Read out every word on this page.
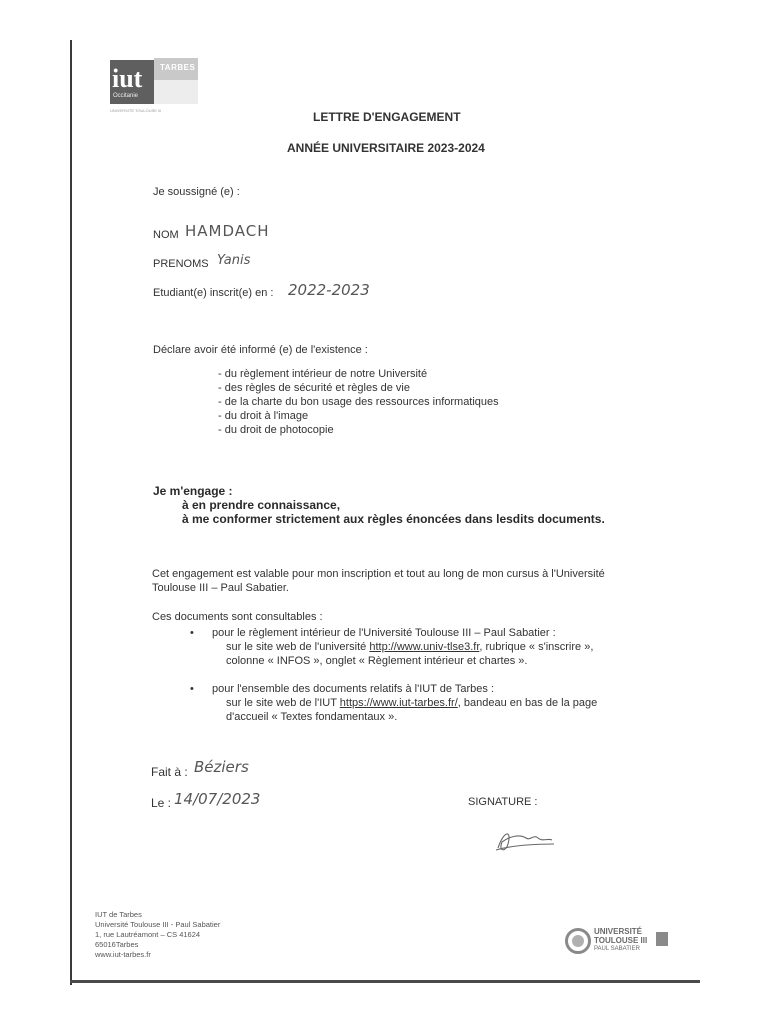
iut
Occitanie
TARBES
UNIVERSITÉ TOULOUSE III	LETTRE D'ENGAGEMENT
ANNÉE UNIVERSITAIRE 2023-2024
Je soussigné (e) :
NOM HAMDACH
PRENOMS Yanis
Etudiant(e) inscrit(e) en : 2022-2023
Déclare avoir été informé (e) de l'existence :
- du règlement intérieur de notre Université
- des règles de sécurité et règles de vie
- de la charte du bon usage des ressources informatiques
- du droit à l'image
- du droit de photocopie
Je m'engage :
à en prendre connaissance,
à me conformer strictement aux règles énoncées dans lesdits documents.
Cet engagement est valable pour mon inscription et tout au long de mon cursus à l'Université
Toulouse III – Paul Sabatier.
Ces documents sont consultables :
• pour le règlement intérieur de l'Université Toulouse III – Paul Sabatier :
sur le site web de l'université http://www.univ-tlse3.fr, rubrique « s'inscrire »,
colonne « INFOS », onglet « Règlement intérieur et chartes ».
• pour l'ensemble des documents relatifs à l'IUT de Tarbes :
sur le site web de l'IUT https://www.iut-tarbes.fr/, bandeau en bas de la page
d'accueil « Textes fondamentaux ».
Fait à : Béziers
Le : 14/07/2023	SIGNATURE :
IUT de Tarbes
Université Toulouse III - Paul Sabatier
1, rue Lautréamont – CS 41624
65016Tarbes
www.iut-tarbes.fr
UNIVERSITÉ
TOULOUSE III
PAUL SABATIER
